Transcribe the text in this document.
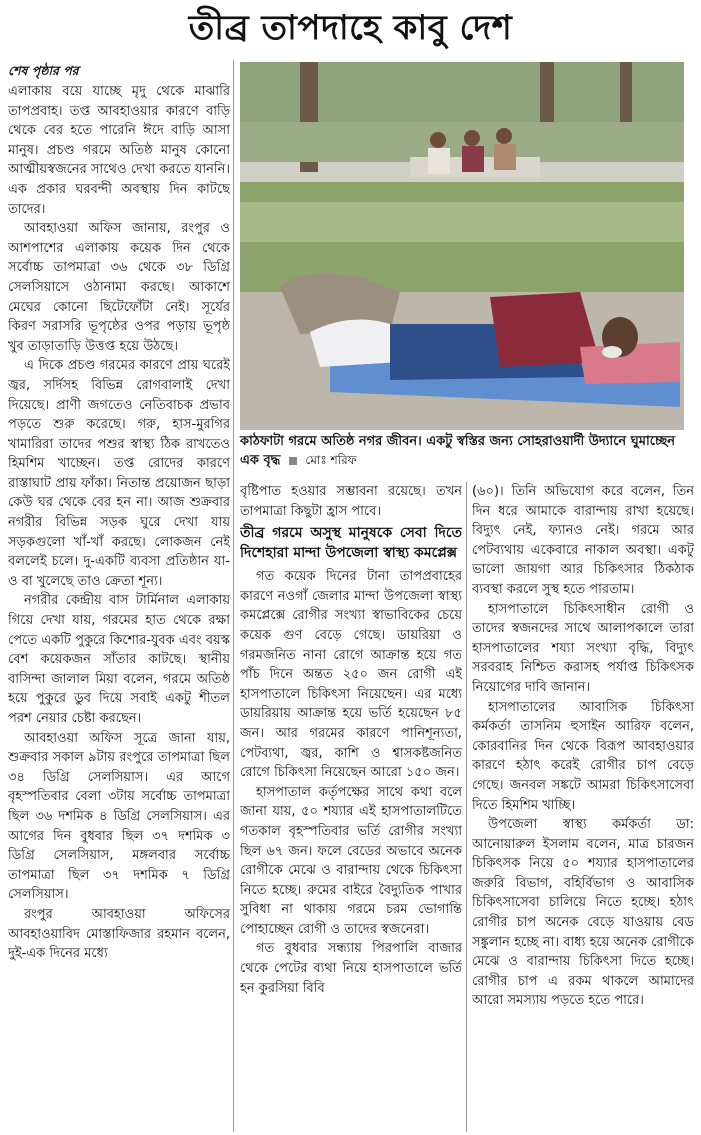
তীব্র তাপদাহে কাবু দেশ

শেষ পৃষ্ঠার পর

এলাকায় বয়ে যাচ্ছে মৃদু থেকে মাঝারি তাপপ্রবাহ। তপ্ত আবহাওয়ার কারণে বাড়ি থেকে বের হতে পারেনি ঈদে বাড়ি আসা মানুষ। প্রচণ্ড গরমে অতিষ্ঠ মানুষ কোনো আত্মীয়স্বজনের সাথেও দেখা করতে যাননি। এক প্রকার ঘরবন্দী অবস্থায় দিন কাটছে তাদের।

আবহাওয়া অফিস জানায়, রংপুর ও আশপাশের এলাকায় কয়েক দিন থেকে সর্বোচ্চ তাপমাত্রা ৩৬ থেকে ৩৮ ডিগ্রি সেলসিয়াসে ওঠানামা করছে। আকাশে মেঘের কোনো ছিটেফোঁটা নেই। সূর্যের কিরণ সরাসরি ভূপৃষ্ঠের ওপর পড়ায় ভূপৃষ্ঠ খুব তাড়াতাড়ি উত্তপ্ত হয়ে উঠছে।

এ দিকে প্রচণ্ড গরমের কারণে প্রায় ঘরেই জ্বর, সর্দিসহ বিভিন্ন রোগবালাই দেখা দিয়েছে। প্রাণী জগতেও নেতিবাচক প্রভাব পড়তে শুরু করেছে। গরু, হাস-মুরগির খামারিরা তাদের পশুর স্বাস্থ্য ঠিক রাখতেও হিমশিম খাচ্ছেন। তপ্ত রোদের কারণে রাস্তাঘাট প্রায় ফাঁকা। নিতান্ত প্রয়োজন ছাড়া কেউ ঘর থেকে বের হন না। আজ শুক্রবার নগরীর বিভিন্ন সড়ক ঘুরে দেখা যায় সড়কগুলো খাঁ-খাঁ করছে। লোকজন নেই বললেই চলে। দু-একটি ব্যবসা প্রতিষ্ঠান যা-ও বা খুলেছে তাও ক্রেতা শূন্য।

নগরীর কেন্দ্রীয় বাস টার্মিনাল এলাকায় গিয়ে দেখা যায়, গরমের হাত থেকে রক্ষা পেতে একটি পুকুরে কিশোর-যুবক এবং বয়স্ক বেশ কয়েকজন সাঁতার কাটছে। স্থানীয় বাসিন্দা জালাল মিয়া বলেন, গরমে অতিষ্ঠ হয়ে পুকুরে ডুব দিয়ে সবাই একটু শীতল পরশ নেয়ার চেষ্টা করছেন।

আবহাওয়া অফিস সূত্রে জানা যায়, শুক্রবার সকাল ৯টায় রংপুরে তাপমাত্রা ছিল ৩৪ ডিগ্রি সেলসিয়াস। এর আগে বৃহস্পতিবার বেলা ৩টায় সর্বোচ্চ তাপমাত্রা ছিল ৩৬ দশমিক ৪ ডিগ্রি সেলসিয়াস। এর আগের দিন বুধবার ছিল ৩৭ দশমিক ৩ ডিগ্রি সেলসিয়াস, মঙ্গলবার সর্বোচ্চ তাপমাত্রা ছিল ৩৭ দশমিক ৭ ডিগ্রি সেলসিয়াস।

রংপুর আবহাওয়া অফিসের আবহাওয়াবিদ মোস্তাফিজার রহমান বলেন, দুই-এক দিনের মধ্যে

কাঠফাটা গরমে অতিষ্ঠ নগর জীবন। একটু স্বস্তির জন্য সোহরাওয়ার্দী উদ্যানে ঘুমাচ্ছেন এক বৃদ্ধ মোঃ শরিফ

বৃষ্টিপাত হওয়ার সম্ভাবনা রয়েছে। তখন তাপমাত্রা কিছুটা হ্রাস পাবে।

তীব্র গরমে অসুস্থ মানুষকে সেবা দিতে দিশেহারা মান্দা উপজেলা স্বাস্থ্য কমপ্লেক্স

গত কয়েক দিনের টানা তাপপ্রবাহের কারণে নওগাঁ জেলার মান্দা উপজেলা স্বাস্থ্য কমপ্লেক্সে রোগীর সংখ্যা স্বাভাবিকের চেয়ে কয়েক গুণ বেড়ে গেছে। ডায়রিয়া ও গরমজনিত নানা রোগে আক্রান্ত হয়ে গত পাঁচ দিনে অন্তত ২৫০ জন রোগী এই হাসপাতালে চিকিৎসা নিয়েছেন। এর মধ্যে ডায়রিয়ায় আক্রান্ত হয়ে ভর্তি হয়েছেন ৮৫ জন। আর গরমের কারণে পানিশূন্যতা, পেটব্যথা, জ্বর, কাশি ও শ্বাসকষ্টজনিত রোগে চিকিৎসা নিয়েছেন আরো ১৫০ জন।

হাসপাতাল কর্তৃপক্ষের সাথে কথা বলে জানা যায়, ৫০ শয্যার এই হাসপাতালটিতে গতকাল বৃহস্পতিবার ভর্তি রোগীর সংখ্যা ছিল ৬৭ জন। ফলে বেডের অভাবে অনেক রোগীকে মেঝে ও বারান্দায় থেকে চিকিৎসা নিতে হচ্ছে। রুমের বাইরে বৈদ্যুতিক পাখার সুবিধা না থাকায় গরমে চরম ভোগান্তি পোহাচ্ছেন রোগী ও তাদের স্বজনেরা।

গত বুধবার সন্ধ্যায় পিরপালি বাজার থেকে পেটের ব্যথা নিয়ে হাসপাতালে ভর্তি হন কুরসিয়া বিবি

(৬০)। তিনি অভিযোগ করে বলেন, তিন দিন ধরে আমাকে বারান্দায় রাখা হয়েছে। বিদ্যুৎ নেই, ফ্যানও নেই। গরমে আর পেটব্যথায় একেবারে নাকাল অবস্থা। একটু ভালো জায়গা আর চিকিৎসার ঠিকঠাক ব্যবস্থা করলে সুস্থ হতে পারতাম।

হাসপাতালে চিকিৎসাধীন রোগী ও তাদের স্বজনদের সাথে আলাপকালে তারা হাসপাতালের শয্যা সংখ্যা বৃদ্ধি, বিদ্যুৎ সরবরাহ নিশ্চিত করাসহ পর্যাপ্ত চিকিৎসক নিয়োগের দাবি জানান।

হাসপাতালের আবাসিক চিকিৎসা কর্মকর্তা তাসনিম হুসাইন আরিফ বলেন, কোরবানির দিন থেকে বিরূপ আবহাওয়ার কারণে হঠাৎ করেই রোগীর চাপ বেড়ে গেছে। জনবল সঙ্কটে আমরা চিকিৎসাসেবা দিতে হিমশিম খাচ্ছি।

উপজেলা স্বাস্থ্য কর্মকর্তা ডা: আনোয়ারুল ইসলাম বলেন, মাত্র চারজন চিকিৎসক নিয়ে ৫০ শয্যার হাসপাতালের জরুরি বিভাগ, বহির্বিভাগ ও আবাসিক চিকিৎসাসেবা চালিয়ে নিতে হচ্ছে। হঠাৎ রোগীর চাপ অনেক বেড়ে যাওয়ায় বেড সঙ্কুলান হচ্ছে না। বাধ্য হয়ে অনেক রোগীকে মেঝে ও বারান্দায় চিকিৎসা দিতে হচ্ছে। রোগীর চাপ এ রকম থাকলে আমাদের আরো সমস্যায় পড়তে হতে পারে।
